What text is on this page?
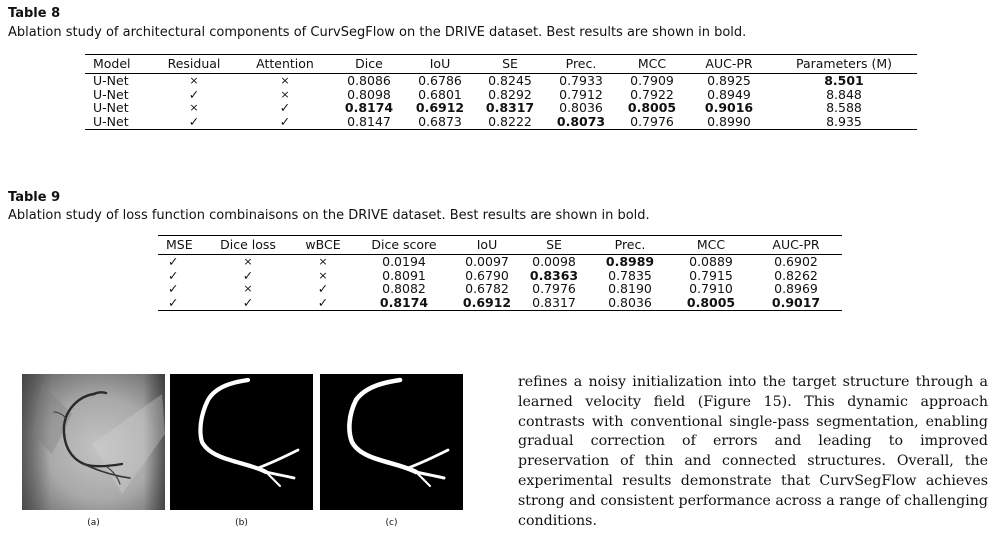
Table 8
Ablation study of architectural components of CurvSegFlow on the DRIVE dataset. Best results are shown in bold.
Model	Residual	Attention	Dice	IoU	SE	Prec.	MCC	AUC-PR	Parameters (M)
U-Net	×	×	0.8086	0.6786	0.8245	0.7933	0.7909	0.8925	8.501
U-Net	✓	×	0.8098	0.6801	0.8292	0.7912	0.7922	0.8949	8.848
U-Net	×	✓	0.8174	0.6912	0.8317	0.8036	0.8005	0.9016	8.588
U-Net	✓	✓	0.8147	0.6873	0.8222	0.8073	0.7976	0.8990	8.935
Table 9
Ablation study of loss function combinaisons on the DRIVE dataset. Best results are shown in bold.
MSE	Dice loss	wBCE	Dice score	IoU	SE	Prec.	MCC	AUC-PR
✓	×	×	0.0194	0.0097	0.0098	0.8989	0.0889	0.6902
✓	✓	×	0.8091	0.6790	0.8363	0.7835	0.7915	0.8262
✓	×	✓	0.8082	0.6782	0.7976	0.8190	0.7910	0.8969
✓	✓	✓	0.8174	0.6912	0.8317	0.8036	0.8005	0.9017
(a)	(b)	(c)

refines a noisy initialization into the target structure through a learned velocity field (Figure 15). This dynamic approach contrasts with conventional single-pass segmentation, enabling gradual correction of errors and leading to improved preservation of thin and connected structures. Overall, the experimental results demonstrate that CurvSegFlow achieves strong and consistent performance across a range of challenging conditions.
